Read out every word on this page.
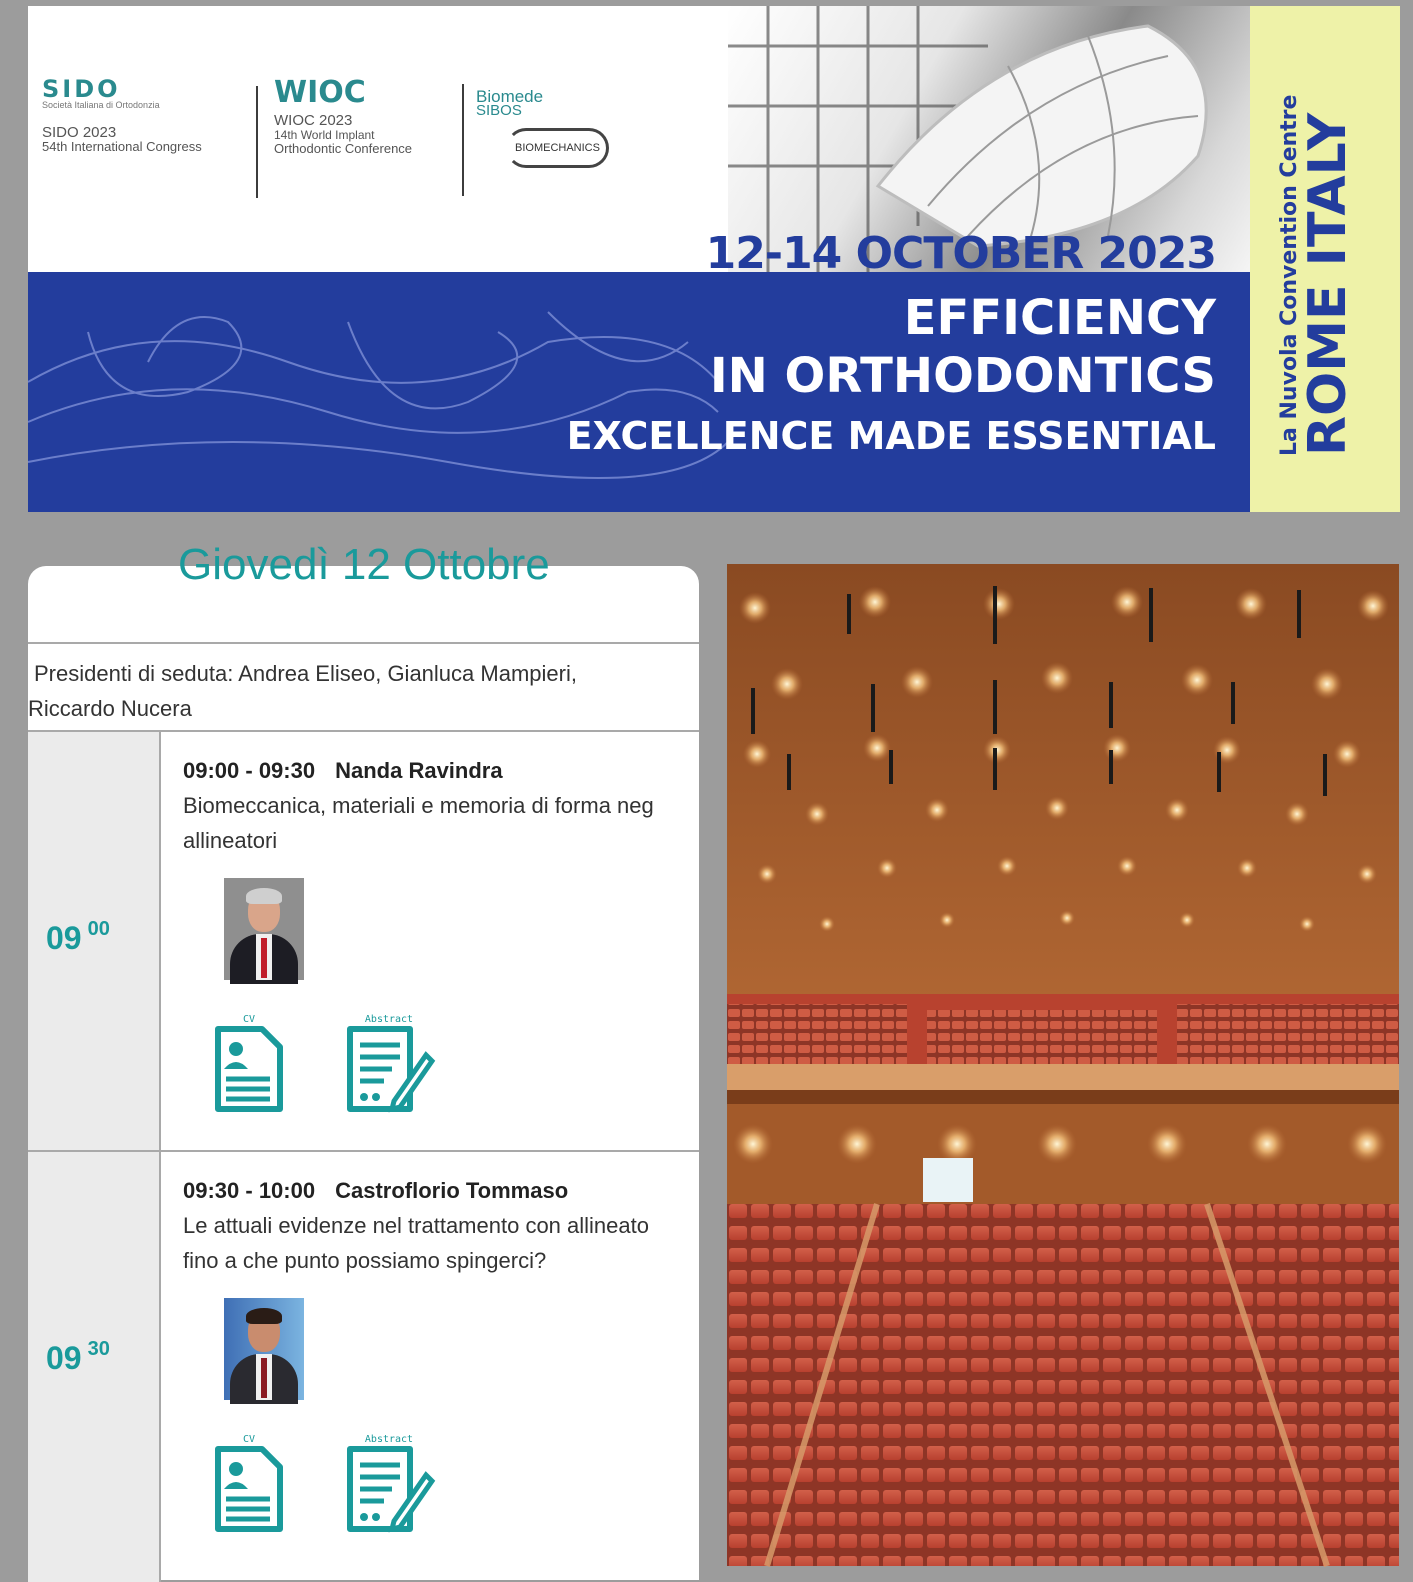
SIDO
Società Italiana di Ortodonzia
SIDO 2023
54th International Congress
WIOC
WIOC 2023
14th World Implant
Orthodontic Conference
Biomede
SIBOS
BIOMECHANICS
12-14 OCTOBER 2023
EFFICIENCY
IN ORTHODONTICS
EXCELLENCE MADE ESSENTIAL	La Nuvola Convention Centre
ROME ITALY
Giovedì 12 Ottobre
Presidenti di seduta: Andrea Eliseo, Gianluca Mampieri,
Riccardo Nucera
09 $^{00}$
09:00 - 09:30 Nanda Ravindra
Biomeccanica, materiali e memoria di forma neg
allineatori
CV	Abstract
09 $^{30}$
09:30 - 10:00 Castroflorio Tommaso
Le attuali evidenze nel trattamento con allineato
fino a che punto possiamo spingerci?
CV	Abstract
